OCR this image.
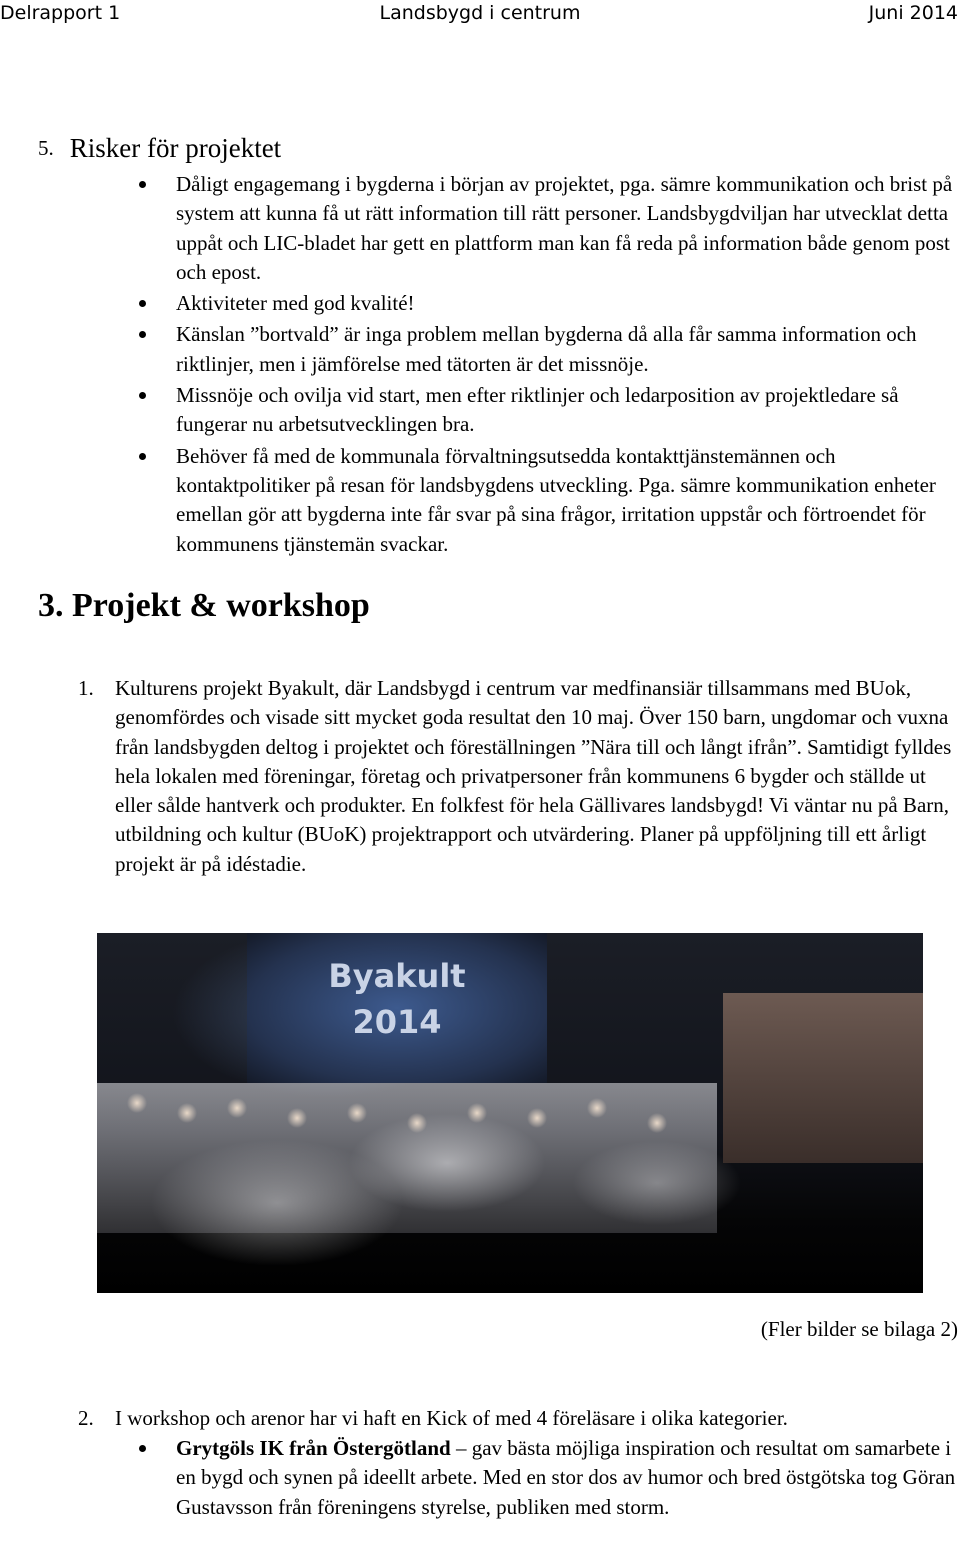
Delrapport 1	Landsbygd i centrum	Juni 2014
5. Risker för projektet
Dåligt engagemang i bygderna i början av projektet, pga. sämre kommunikation och brist på system att kunna få ut rätt information till rätt personer. Landsbygdviljan har utvecklat detta uppåt och LIC-bladet har gett en plattform man kan få reda på information både genom post och epost.
Aktiviteter med god kvalité!
Känslan ”bortvald” är inga problem mellan bygderna då alla får samma information och riktlinjer, men i jämförelse med tätorten är det missnöje.
Missnöje och ovilja vid start, men efter riktlinjer och ledarposition av projektledare så fungerar nu arbetsutvecklingen bra.
Behöver få med de kommunala förvaltningsutsedda kontakttjänstemännen och kontaktpolitiker på resan för landsbygdens utveckling. Pga. sämre kommunikation enheter emellan gör att bygderna inte får svar på sina frågor, irritation uppstår och förtroendet för kommunens tjänstemän svackar.
3. Projekt & workshop
1.	Kulturens projekt Byakult, där Landsbygd i centrum var medfinansiär tillsammans med BUok, genomfördes och visade sitt mycket goda resultat den 10 maj. Över 150 barn, ungdomar och vuxna från landsbygden deltog i projektet och föreställningen ”Nära till och långt ifrån”. Samtidigt fylldes hela lokalen med föreningar, företag och privatpersoner från kommunens 6 bygder och ställde ut eller sålde hantverk och produkter. En folkfest för hela Gällivares landsbygd! Vi väntar nu på Barn, utbildning och kultur (BUoK) projektrapport och utvärdering. Planer på uppföljning till ett årligt projekt är på idéstadie.
Byakult
2014
(Fler bilder se bilaga 2)
2.	I workshop och arenor har vi haft en Kick of med 4 föreläsare i olika kategorier.
Grytgöls IK från Östergötland – gav bästa möjliga inspiration och resultat om samarbete i en bygd och synen på ideellt arbete. Med en stor dos av humor och bred östgötska tog Göran Gustavsson från föreningens styrelse, publiken med storm.
